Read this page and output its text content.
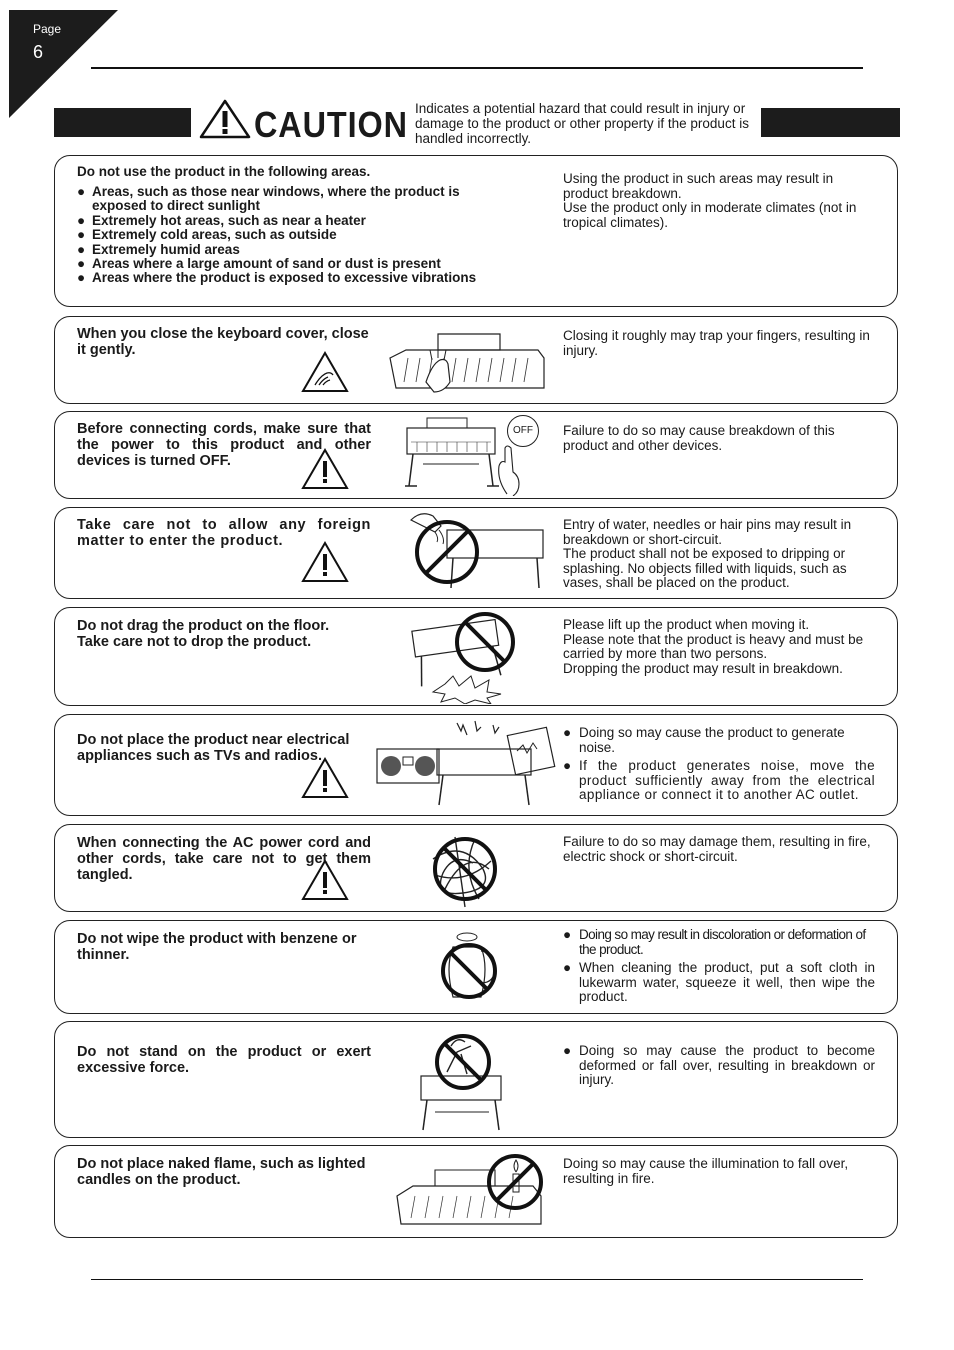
Page
6
CAUTION Indicates a potential hazard that could result in injury or damage to the product or other property if the product is handled incorrectly.
Do not use the product in the following areas.
● Areas, such as those near windows, where the product is exposed to direct sunlight
● Extremely hot areas, such as near a heater
● Extremely cold areas, such as outside
● Extremely humid areas
● Areas where a large amount of sand or dust is present
● Areas where the product is exposed to excessive vibrations
Using the product in such areas may result in product breakdown.
Use the product only in moderate climates (not in tropical climates).
When you close the keyboard cover, close it gently.
Closing it roughly may trap your fingers, resulting in injury.
Before connecting cords, make sure that the power to this product and other devices is turned OFF.
OFF	Failure to do so may cause breakdown of this product and other devices.
Take care not to allow any foreign matter to enter the product.
Entry of water, needles or hair pins may result in breakdown or short-circuit.
The product shall not be exposed to dripping or splashing. No objects filled with liquids, such as vases, shall be placed on the product.
Do not drag the product on the floor.
Take care not to drop the product.
Please lift up the product when moving it.
Please note that the product is heavy and must be carried by more than two persons.
Dropping the product may result in breakdown.
Do not place the product near electrical appliances such as TVs and radios.
● Doing so may cause the product to generate noise.
● If the product generates noise, move the product sufficiently away from the electrical appliance or connect it to another AC outlet.
When connecting the AC power cord and other cords, take care not to get them tangled.
Failure to do so may damage them, resulting in fire, electric shock or short-circuit.
Do not wipe the product with benzene or thinner.
● Doing so may result in discoloration or deformation of the product.
● When cleaning the product, put a soft cloth in lukewarm water, squeeze it well, then wipe the product.
Do not stand on the product or exert excessive force.
● Doing so may cause the product to become deformed or fall over, resulting in breakdown or injury.
Do not place naked flame, such as lighted candles on the product.
Doing so may cause the illumination to fall over, resulting in fire.
